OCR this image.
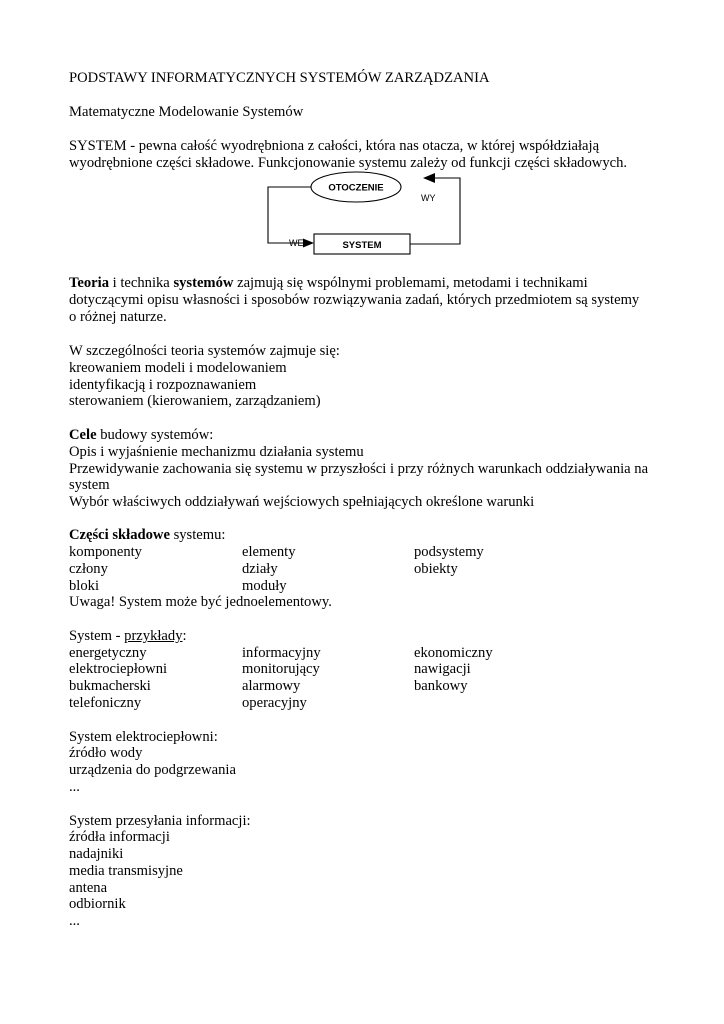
PODSTAWY INFORMATYCZNYCH SYSTEMÓW ZARZĄDZANIA
Matematyczne Modelowanie Systemów
SYSTEM - pewna całość wyodrębniona z całości, która nas otacza, w której współdziałają
wyodrębnione części składowe. Funkcjonowanie systemu zależy od funkcji części składowych.
OTOCZENIE
SYSTEM
WY
WE
Teoria i technika systemów zajmują się wspólnymi problemami, metodami i technikami
dotyczącymi opisu własności i sposobów rozwiązywania zadań, których przedmiotem są systemy
o różnej naturze.
W szczególności teoria systemów zajmuje się:
kreowaniem modeli i modelowaniem
identyfikacją i rozpoznawaniem
sterowaniem (kierowaniem, zarządzaniem)
Cele budowy systemów:
Opis i wyjaśnienie mechanizmu działania systemu
Przewidywanie zachowania się systemu w przyszłości i przy różnych warunkach oddziaływania na
system
Wybór właściwych oddziaływań wejściowych spełniających określone warunki
Części składowe systemu:
komponenty	elementy	podsystemy
człony	działy	obiekty
bloki	moduły
Uwaga! System może być jednoelementowy.
System - przykłady:
energetyczny	informacyjny	ekonomiczny
elektrociepłowni	monitorujący	nawigacji
bukmacherski	alarmowy	bankowy
telefoniczny	operacyjny
System elektrociepłowni:
źródło wody
urządzenia do podgrzewania
...
System przesyłania informacji:
źródła informacji
nadajniki
media transmisyjne
antena
odbiornik
...
